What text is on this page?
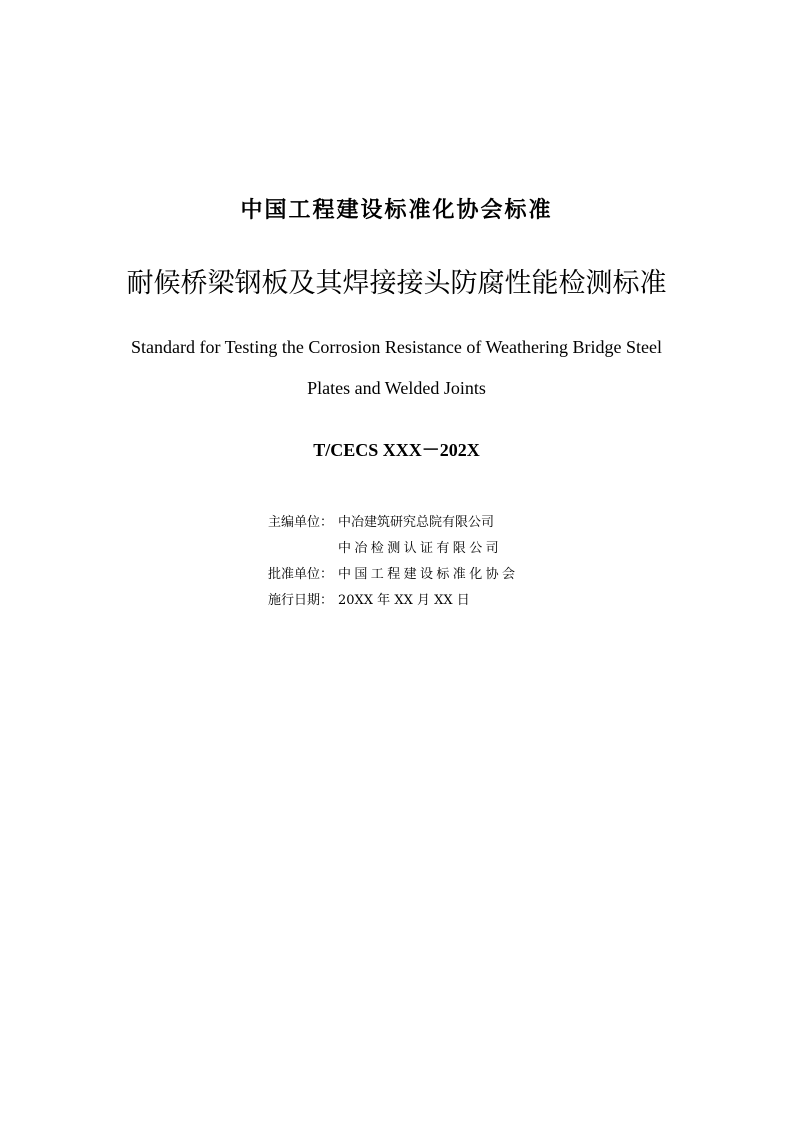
中国工程建设标准化协会标准
耐候桥梁钢板及其焊接接头防腐性能检测标准
Standard for Testing the Corrosion Resistance of Weathering Bridge Steel
Plates and Welded Joints
T/CECS XXX－202X
主编单位： 中冶建筑研究总院有限公司
中冶检测认证有限公司
批准单位： 中国工程建设标准化协会
施行日期： 20XX 年 XX 月 XX 日
